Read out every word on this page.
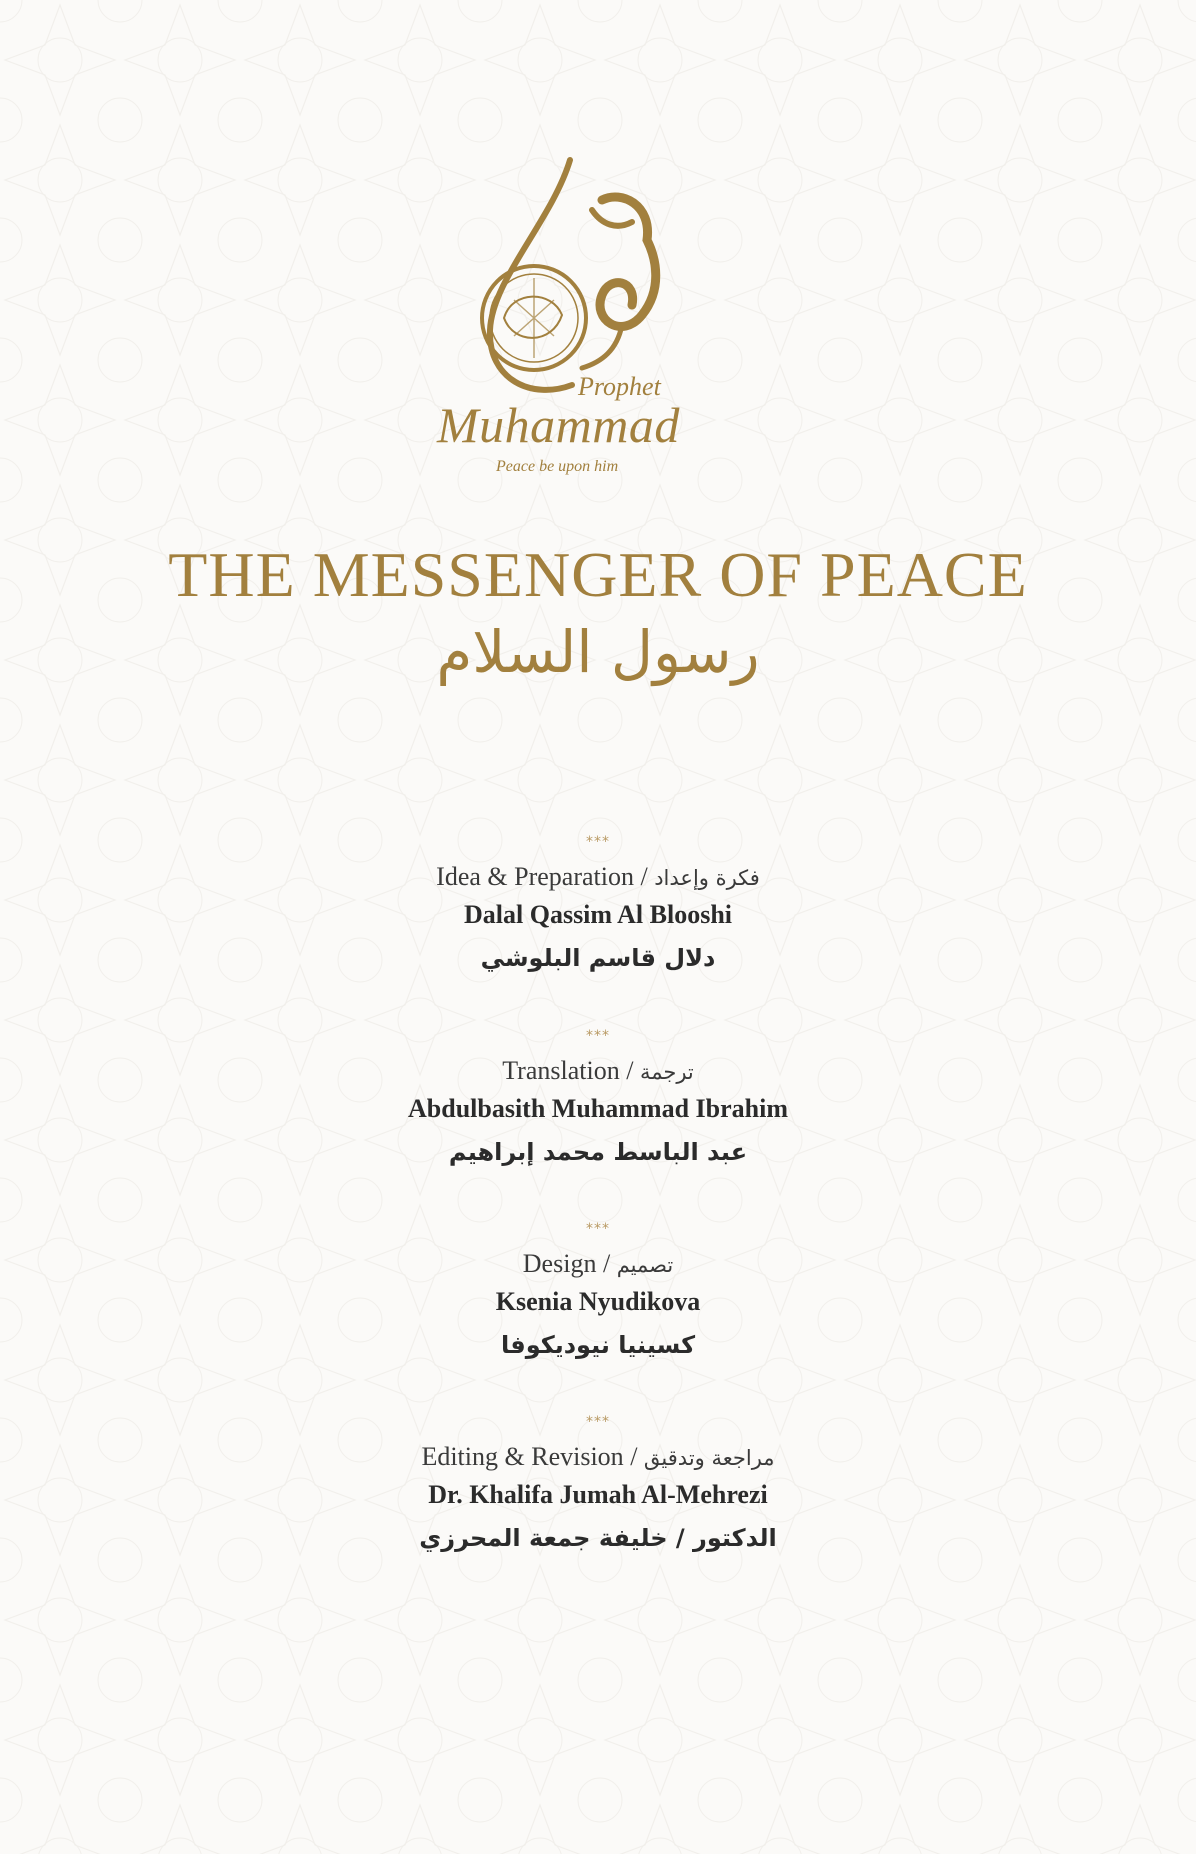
Prophet
Muhammad
Peace be upon him
THE MESSENGER OF PEACE
رسول السلام
***
Idea & Preparation / فكرة وإعداد
Dalal Qassim Al Blooshi
دلال قاسم البلوشي
***
Translation / ترجمة
Abdulbasith Muhammad Ibrahim
عبد الباسط محمد إبراهيم
***
Design / تصميم
Ksenia Nyudikova
كسينيا نيوديكوفا
***
Editing & Revision / مراجعة وتدقيق
Dr. Khalifa Jumah Al-Mehrezi
الدكتور / خليفة جمعة المحرزي
